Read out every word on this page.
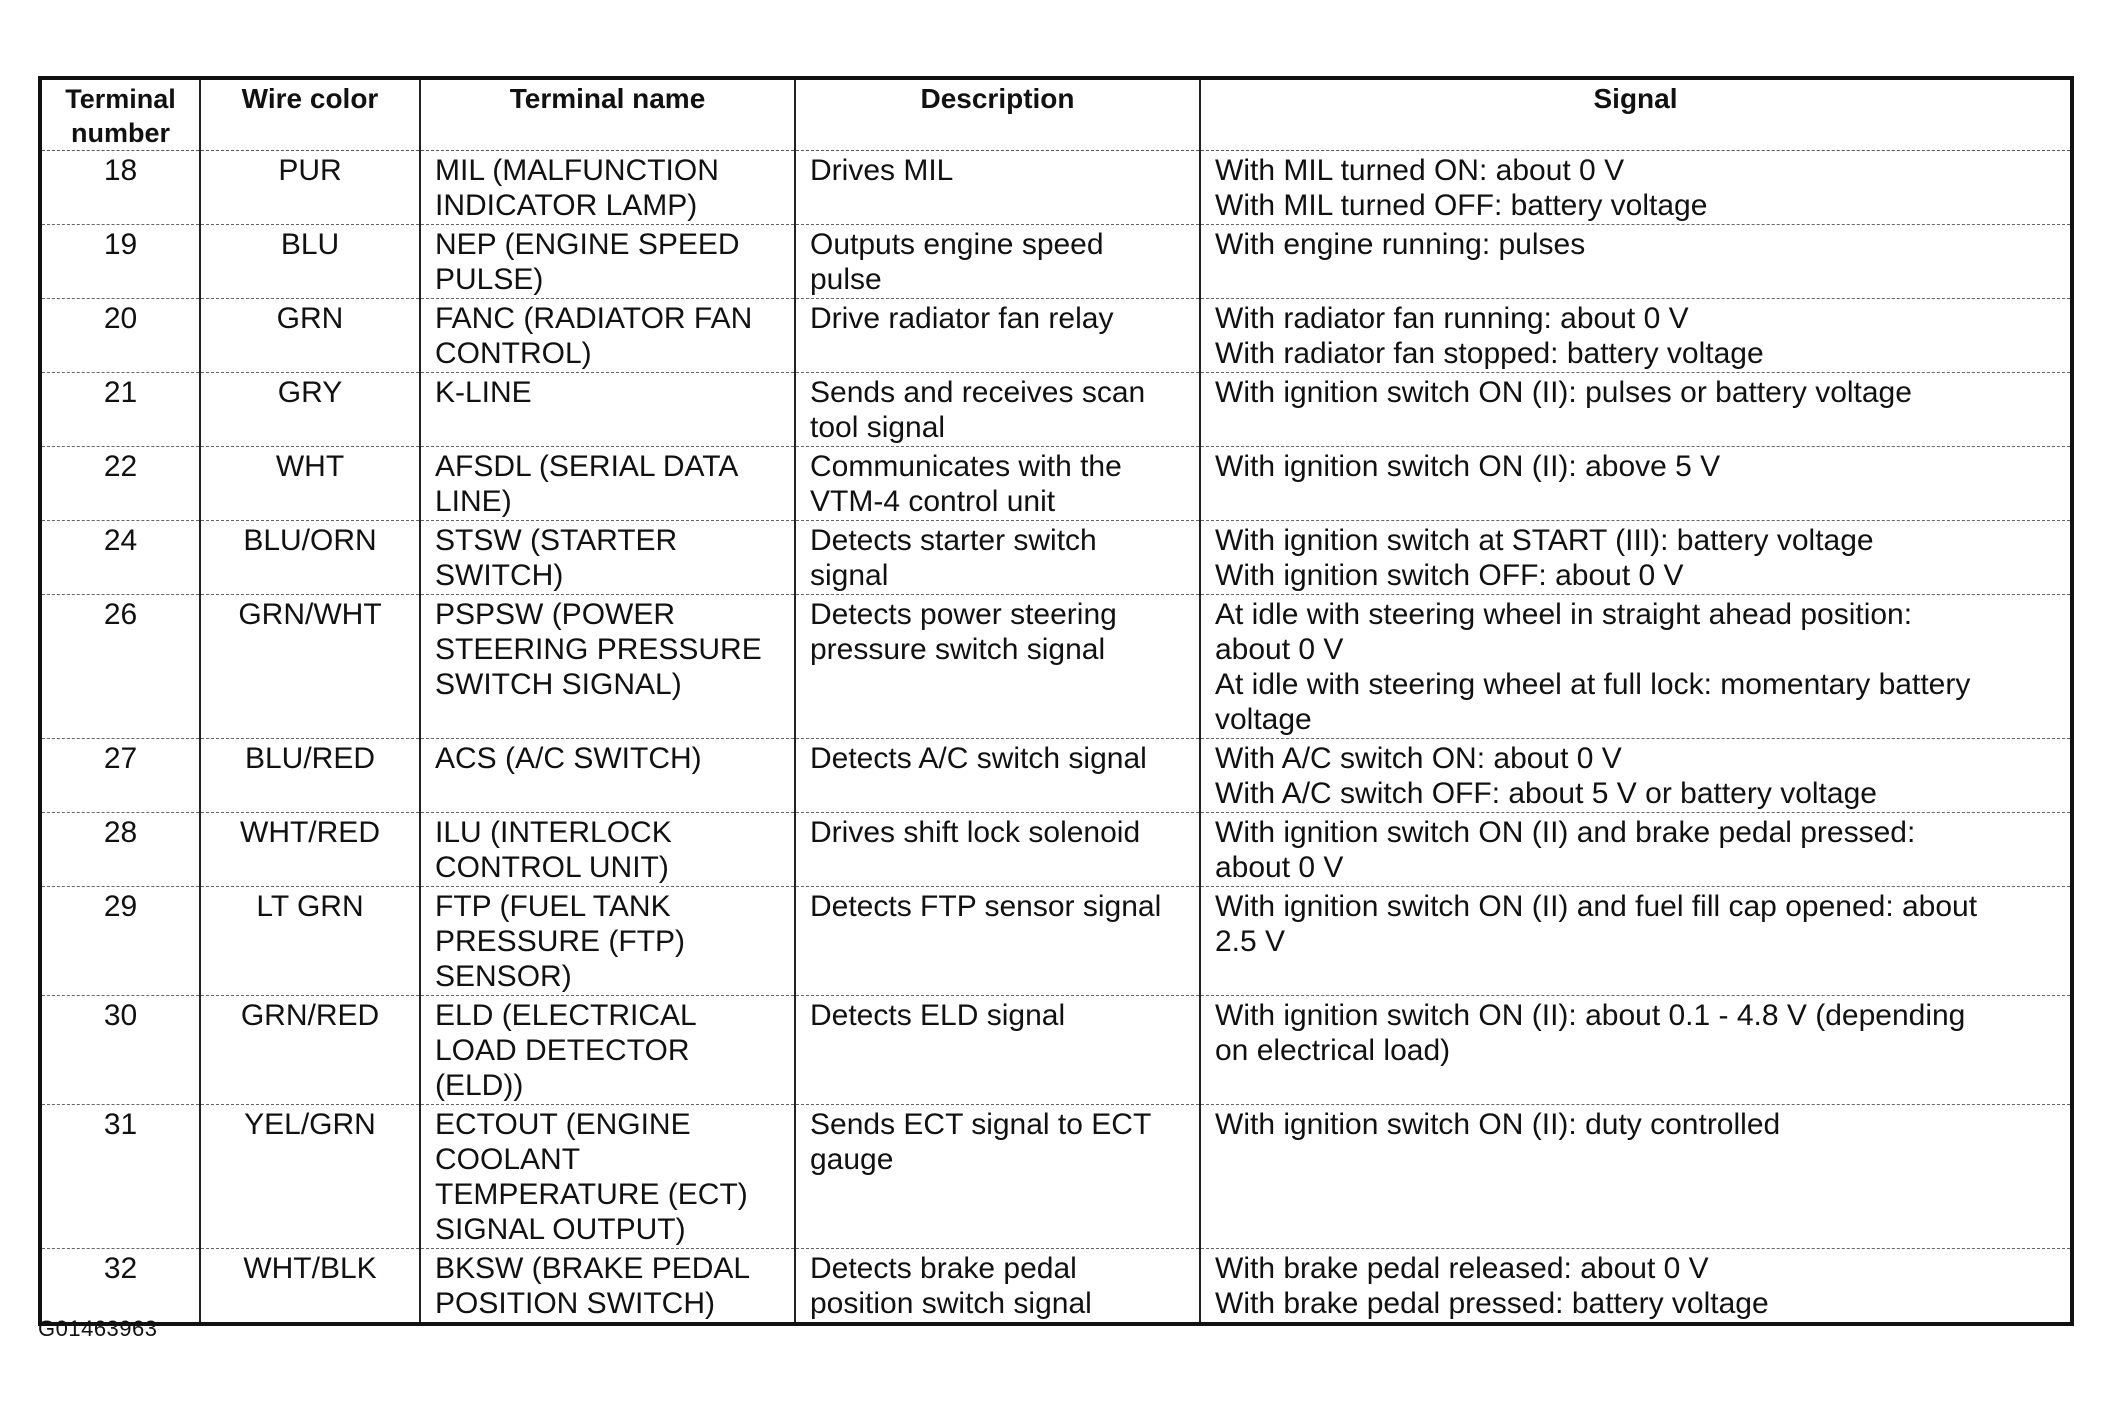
Terminal number	Wire color	Terminal name	Description	Signal
18	PUR	MIL (MALFUNCTION
INDICATOR LAMP)	Drives MIL	With MIL turned ON: about 0 V
With MIL turned OFF: battery voltage

19	BLU	NEP (ENGINE SPEED
PULSE)	Outputs engine speed
pulse	With engine running: pulses

20	GRN	FANC (RADIATOR FAN
CONTROL)	Drive radiator fan relay	With radiator fan running: about 0 V
With radiator fan stopped: battery voltage

21	GRY	K-LINE	Sends and receives scan
tool signal	With ignition switch ON (II): pulses or battery voltage

22	WHT	AFSDL (SERIAL DATA
LINE)	Communicates with the
VTM-4 control unit	With ignition switch ON (II): above 5 V

24	BLU/ORN	STSW (STARTER
SWITCH)	Detects starter switch
signal	With ignition switch at START (III): battery voltage
With ignition switch OFF: about 0 V

26	GRN/WHT	PSPSW (POWER
STEERING PRESSURE
SWITCH SIGNAL)	Detects power steering
pressure switch signal	At idle with steering wheel in straight ahead position:
about 0 V
At idle with steering wheel at full lock: momentary battery
voltage

27	BLU/RED	ACS (A/C SWITCH)	Detects A/C switch signal	With A/C switch ON: about 0 V
With A/C switch OFF: about 5 V or battery voltage

28	WHT/RED	ILU (INTERLOCK
CONTROL UNIT)	Drives shift lock solenoid	With ignition switch ON (II) and brake pedal pressed:
about 0 V

29	LT GRN	FTP (FUEL TANK
PRESSURE (FTP)
SENSOR)	Detects FTP sensor signal	With ignition switch ON (II) and fuel fill cap opened: about
2.5 V

30	GRN/RED	ELD (ELECTRICAL
LOAD DETECTOR
(ELD))	Detects ELD signal	With ignition switch ON (II): about 0.1 - 4.8 V (depending
on electrical load)

31	YEL/GRN	ECTOUT (ENGINE
COOLANT
TEMPERATURE (ECT)
SIGNAL OUTPUT)	Sends ECT signal to ECT
gauge	With ignition switch ON (II): duty controlled

32	WHT/BLK	BKSW (BRAKE PEDAL
POSITION SWITCH)	Detects brake pedal
position switch signal	With brake pedal released: about 0 V
With brake pedal pressed: battery voltage
G01463963
